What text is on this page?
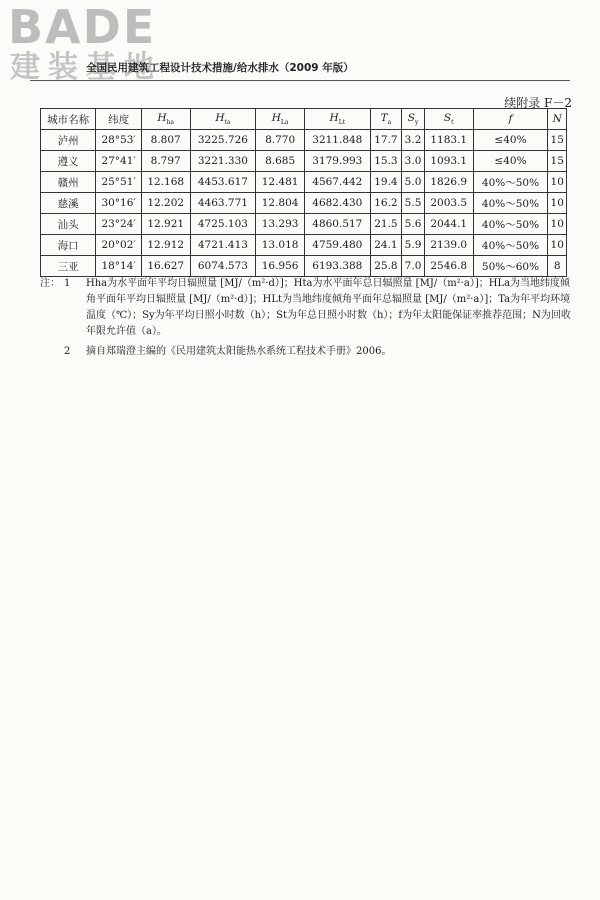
BADE
建装基地
全国民用建筑工程设计技术措施/给水排水（2009 年版）
续附录 F－2
城市名称	纬度	$H_{ha}$	$H_{ta}$	$H_{La}$	$H_{Lt}$	$T_a$	$S_y$	$S_t$	f	N
泸州	28°53′	8.807	3225.726	8.770	3211.848	17.7	3.2	1183.1	≤40%	15
遵义	27°41′	8.797	3221.330	8.685	3179.993	15.3	3.0	1093.1	≤40%	15
赣州	25°51′	12.168	4453.617	12.481	4567.442	19.4	5.0	1826.9	40%～50%	10
慈溪	30°16′	12.202	4463.771	12.804	4682.430	16.2	5.5	2003.5	40%～50%	10
汕头	23°24′	12.921	4725.103	13.293	4860.517	21.5	5.6	2044.1	40%～50%	10
海口	20°02′	12.912	4721.413	13.018	4759.480	24.1	5.9	2139.0	40%～50%	10
三亚	18°14′	16.627	6074.573	16.956	6193.388	25.8	7.0	2546.8	50%～60%	8
注： 1 Hha为水平面年平均日辐照量 [MJ/（m²·d）]；Hta为水平面年总日辐照量 [MJ/（m²·a）]；HLa为当地纬度倾角平面年平均日辐照量 [MJ/（m²·d）]；HLt为当地纬度倾角平面年总辐照量 [MJ/（m²·a）]；Ta为年平均环境温度（℃）；Sy为年平均日照小时数（h）；St为年总日照小时数（h）；f为年太阳能保证率推荐范围；N为回收年限允许值（a）。
2 摘自郑瑞澄主编的《民用建筑太阳能热水系统工程技术手册》2006。
